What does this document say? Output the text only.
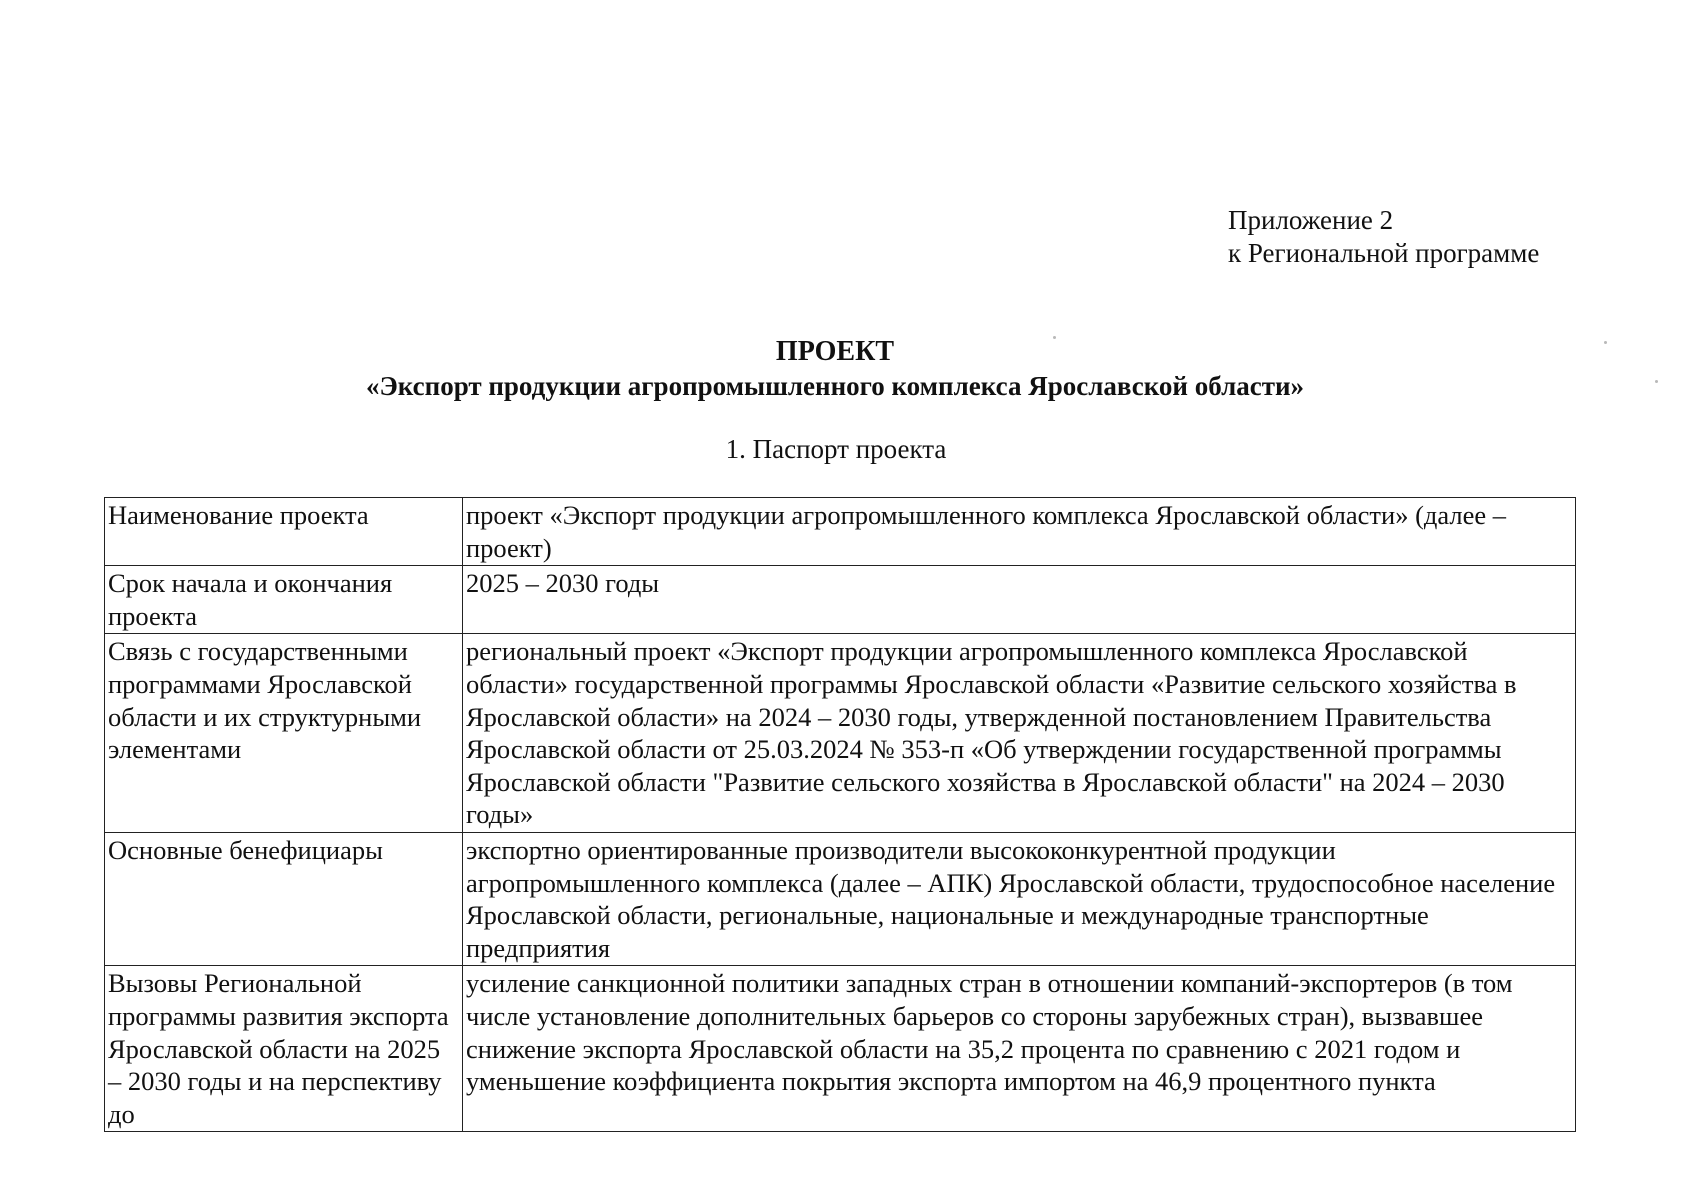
Приложение 2
к Региональной программе
ПРОЕКТ
«Экспорт продукции агропромышленного комплекса Ярославской области»
1. Паспорт проекта
Наименование проекта	проект «Экспорт продукции агропромышленного комплекса Ярославской области» (далее – проект)
Срок начала и окончания проекта	2025 – 2030 годы
Связь с государственными программами Ярославской области и их структурными элементами	региональный проект «Экспорт продукции агропромышленного комплекса Ярославской области» государственной программы Ярославской области «Развитие сельского хозяйства в Ярославской области» на 2024 – 2030 годы, утвержденной постановлением Правительства Ярославской области от 25.03.2024 № 353-п «Об утверждении государственной программы Ярославской области "Развитие сельского хозяйства в Ярославской области" на 2024 – 2030 годы»
Основные бенефициары	экспортно ориентированные производители высококонкурентной продукции агропромышленного комплекса (далее – АПК) Ярославской области, трудоспособное население Ярославской области, региональные, национальные и международные транспортные предприятия
Вызовы Региональной программы развития экспорта Ярославской области на 2025 – 2030 годы и на перспективу до	усиление санкционной политики западных стран в отношении компаний-экспортеров (в том числе установление дополнительных барьеров со стороны зарубежных стран), вызвавшее снижение экспорта Ярославской области на 35,2 процента по сравнению с 2021 годом и уменьшение коэффициента покрытия экспорта импортом на 46,9 процентного пункта
